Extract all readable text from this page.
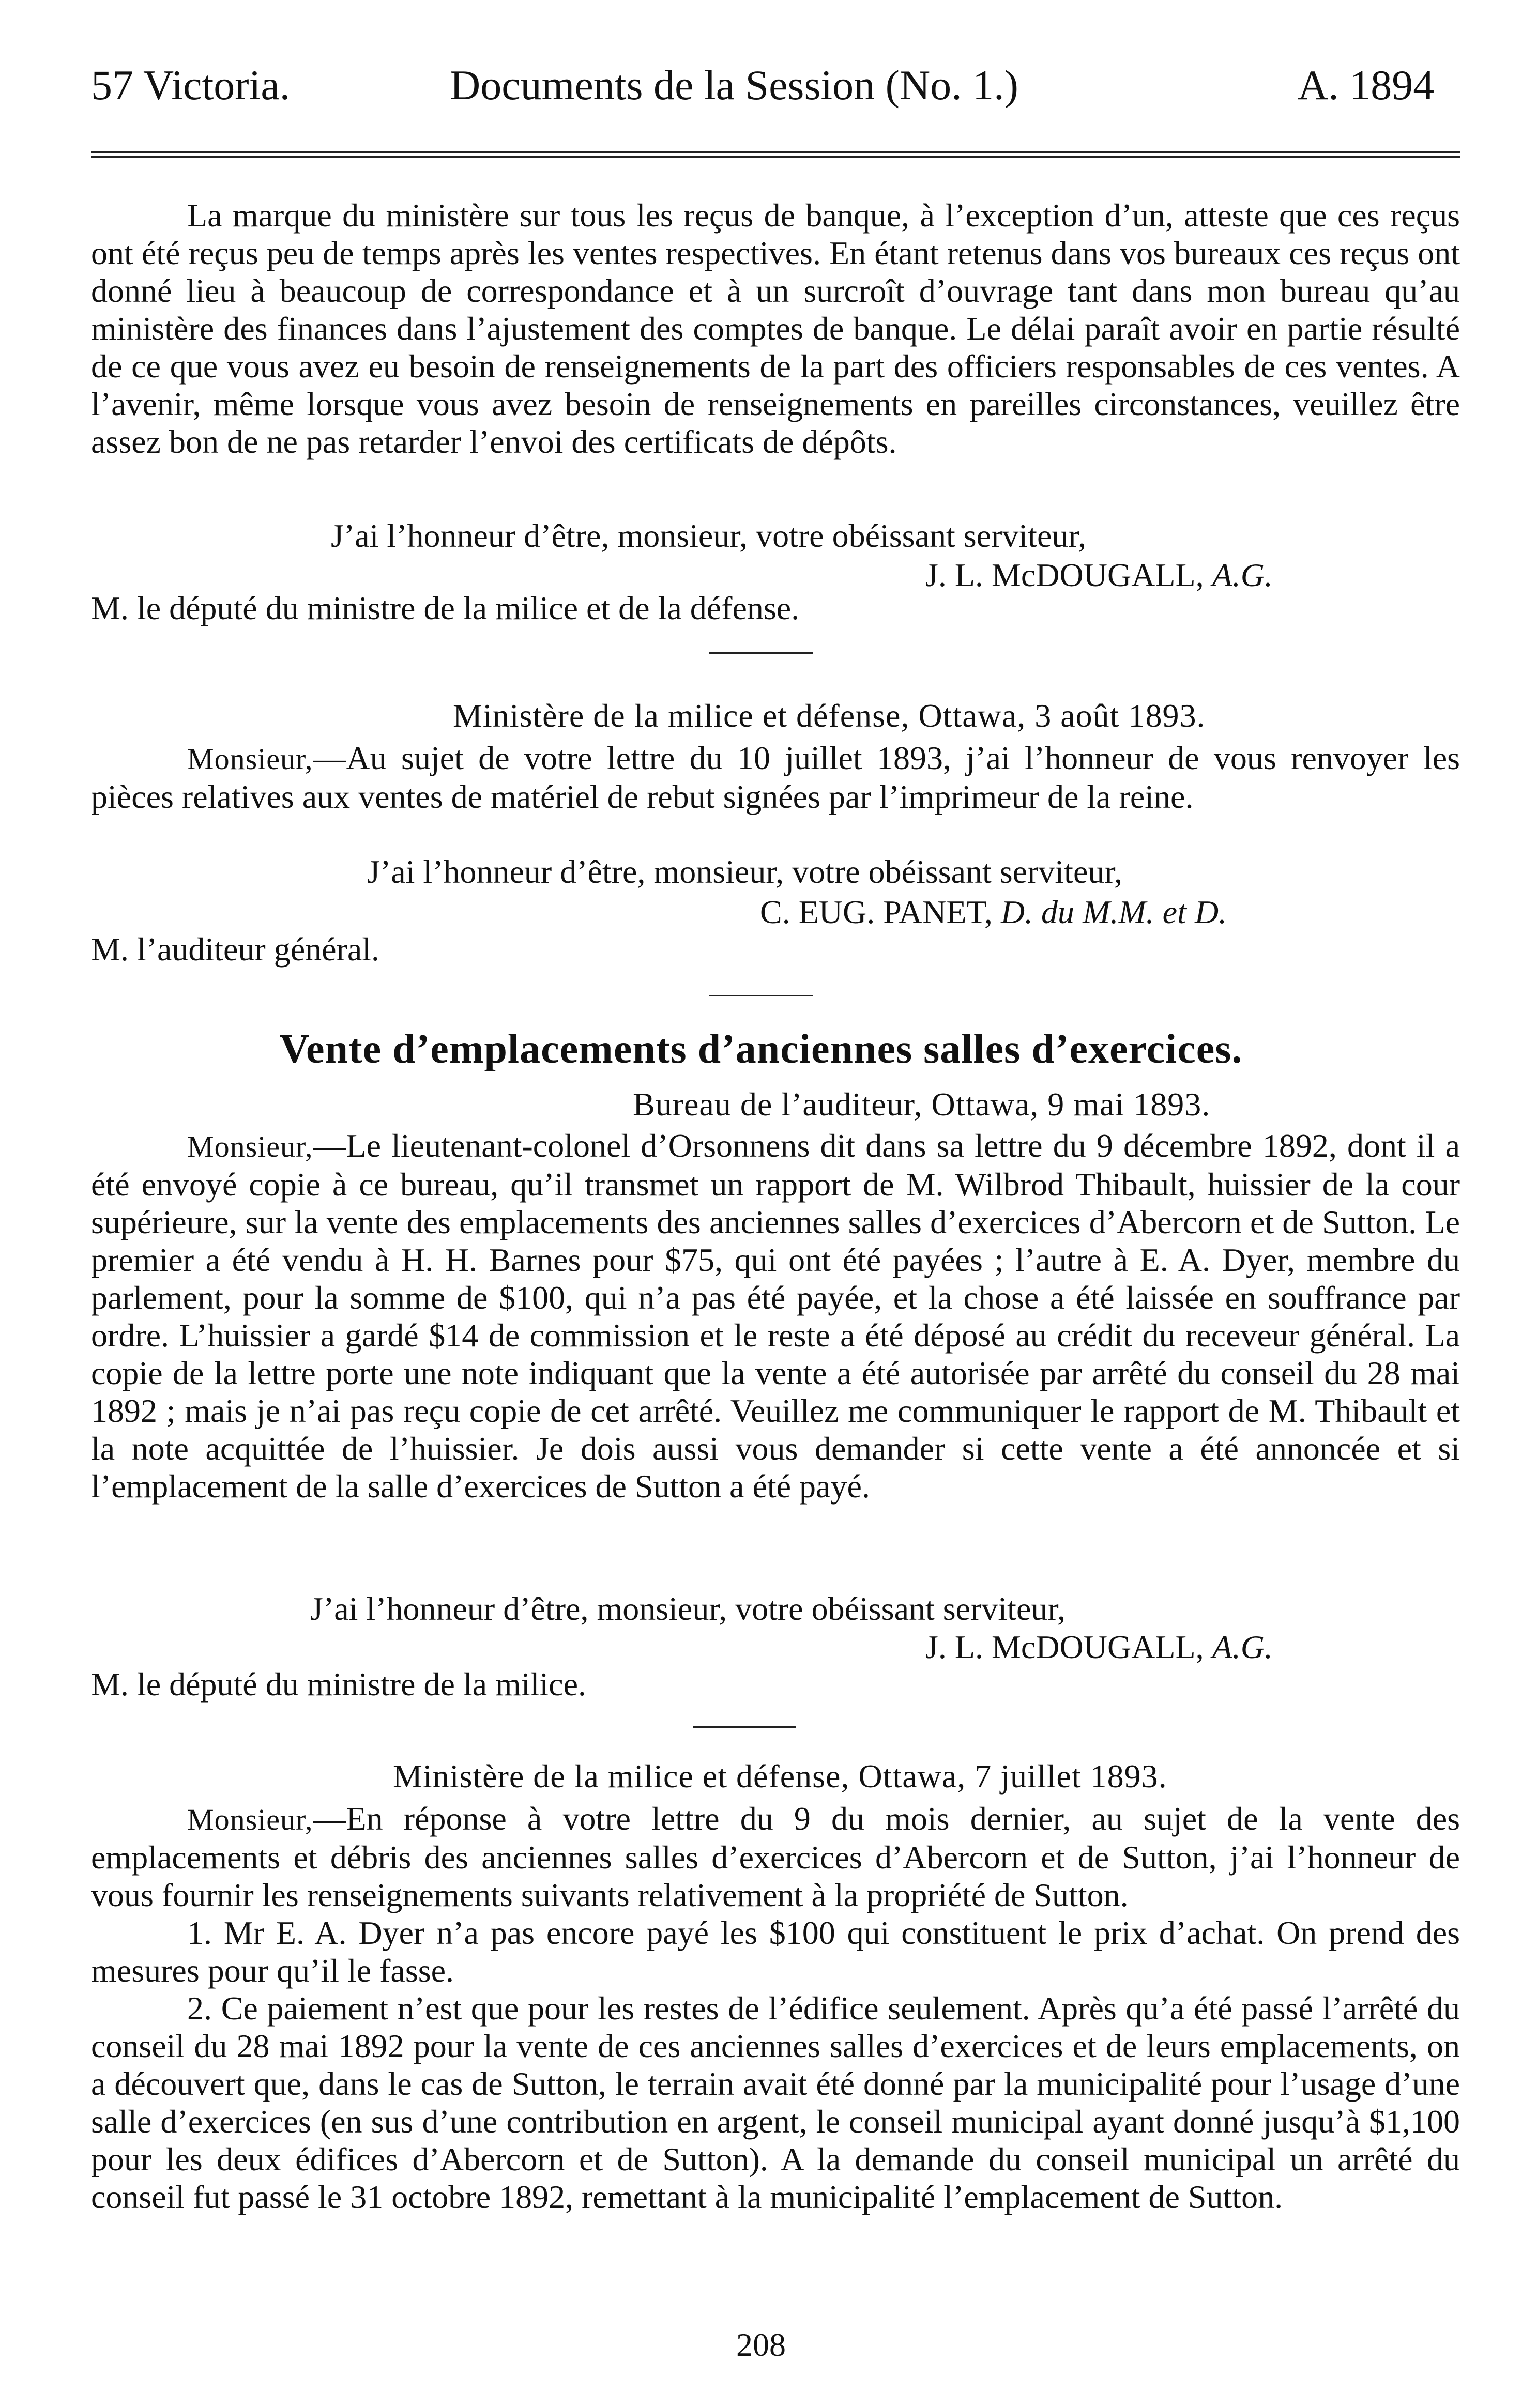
57 Victoria.	Documents de la Session (No. 1.)	A. 1894

La marque du ministère sur tous les reçus de banque, à l’exception d’un, atteste que ces reçus ont été reçus peu de temps après les ventes respectives. En étant retenus dans vos bureaux ces reçus ont donné lieu à beaucoup de correspondance et à un surcroît d’ouvrage tant dans mon bureau qu’au ministère des finances dans l’ajustement des comptes de banque. Le délai paraît avoir en partie résulté de ce que vous avez eu besoin de renseignements de la part des officiers responsables de ces ventes. A l’avenir, même lorsque vous avez besoin de renseignements en pareilles circonstances, veuillez être assez bon de ne pas retarder l’envoi des certificats de dépôts.

J’ai l’honneur d’être, monsieur, votre obéissant serviteur,
J. L. McDOUGALL, A.G.
M. le député du ministre de la milice et de la défense.
Ministère de la milice et défense, Ottawa, 3 août 1893.

Monsieur,—Au sujet de votre lettre du 10 juillet 1893, j’ai l’honneur de vous renvoyer les pièces relatives aux ventes de matériel de rebut signées par l’imprimeur de la reine.

J’ai l’honneur d’être, monsieur, votre obéissant serviteur,
C. EUG. PANET, D. du M.M. et D.
M. l’auditeur général.
Vente d’emplacements d’anciennes salles d’exercices.
Bureau de l’auditeur, Ottawa, 9 mai 1893.

Monsieur,—Le lieutenant-colonel d’Orsonnens dit dans sa lettre du 9 décembre 1892, dont il a été envoyé copie à ce bureau, qu’il transmet un rapport de M. Wilbrod Thibault, huissier de la cour supérieure, sur la vente des emplacements des anciennes salles d’exercices d’Abercorn et de Sutton. Le premier a été vendu à H. H. Barnes pour $75, qui ont été payées ; l’autre à E. A. Dyer, membre du parlement, pour la somme de $100, qui n’a pas été payée, et la chose a été laissée en souffrance par ordre. L’huissier a gardé $14 de commission et le reste a été déposé au crédit du receveur général. La copie de la lettre porte une note indiquant que la vente a été autorisée par arrêté du conseil du 28 mai 1892 ; mais je n’ai pas reçu copie de cet arrêté. Veuillez me communiquer le rapport de M. Thibault et la note acquittée de l’huissier. Je dois aussi vous demander si cette vente a été annoncée et si l’emplacement de la salle d’exercices de Sutton a été payé.

J’ai l’honneur d’être, monsieur, votre obéissant serviteur,
J. L. McDOUGALL, A.G.
M. le député du ministre de la milice.
Ministère de la milice et défense, Ottawa, 7 juillet 1893.

Monsieur,—En réponse à votre lettre du 9 du mois dernier, au sujet de la vente des emplacements et débris des anciennes salles d’exercices d’Abercorn et de Sutton, j’ai l’honneur de vous fournir les renseignements suivants relativement à la propriété de Sutton.

1. Mr E. A. Dyer n’a pas encore payé les $100 qui constituent le prix d’achat. On prend des mesures pour qu’il le fasse.

2. Ce paiement n’est que pour les restes de l’édifice seulement. Après qu’a été passé l’arrêté du conseil du 28 mai 1892 pour la vente de ces anciennes salles d’exercices et de leurs emplacements, on a découvert que, dans le cas de Sutton, le terrain avait été donné par la municipalité pour l’usage d’une salle d’exercices (en sus d’une contribution en argent, le conseil municipal ayant donné jusqu’à $1,100 pour les deux édifices d’Abercorn et de Sutton). A la demande du conseil municipal un arrêté du conseil fut passé le 31 octobre 1892, remettant à la municipalité l’emplacement de Sutton.

208
